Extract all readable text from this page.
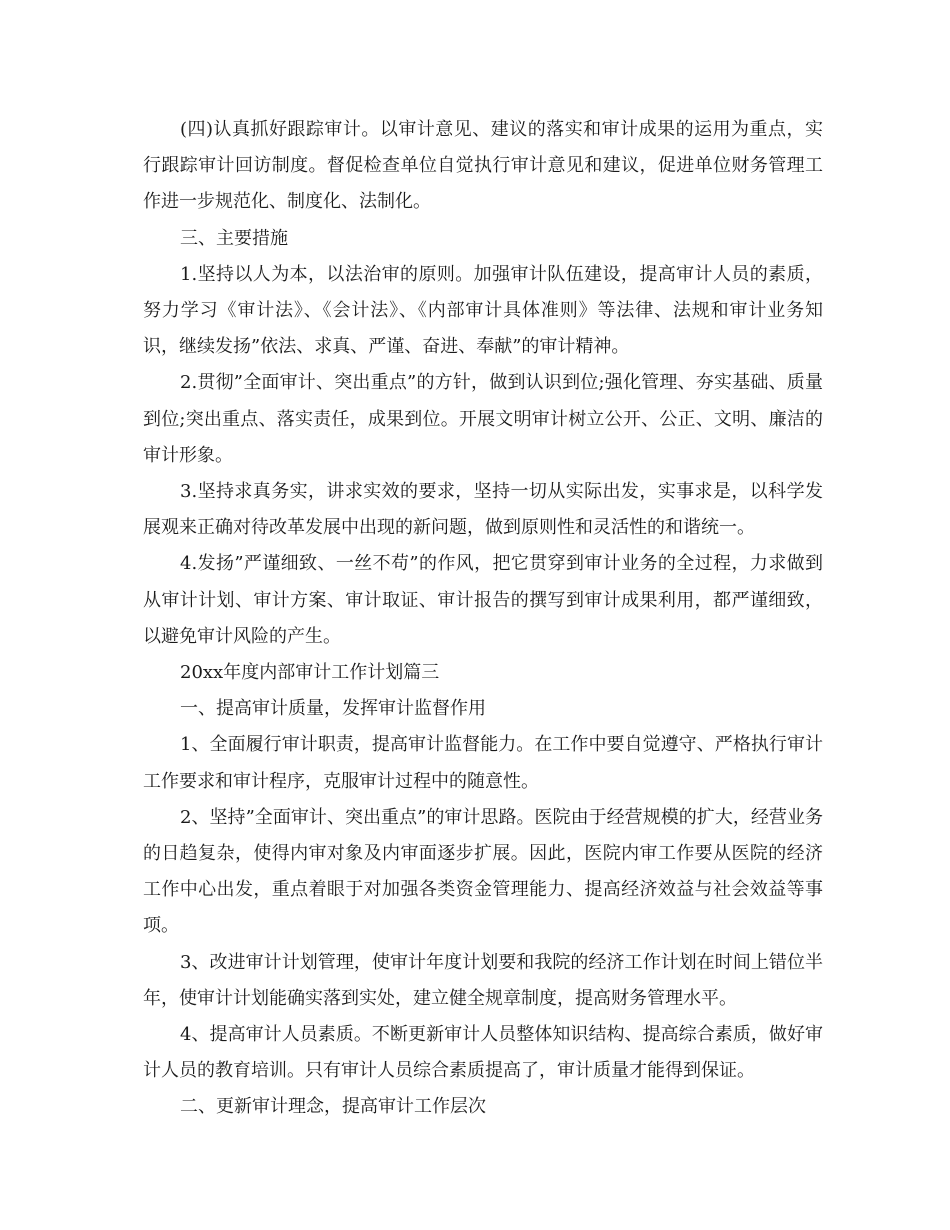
(四)认真抓好跟踪审计。以审计意见、建议的落实和审计成果的运用为重点，实行跟踪审计回访制度。督促检查单位自觉执行审计意见和建议，促进单位财务管理工作进一步规范化、制度化、法制化。

三、主要措施

1.坚持以人为本，以法治审的原则。加强审计队伍建设，提高审计人员的素质，努力学习《审计法》、《会计法》、《内部审计具体准则》等法律、法规和审计业务知识，继续发扬”依法、求真、严谨、奋进、奉献”的审计精神。

2.贯彻”全面审计、突出重点”的方针，做到认识到位;强化管理、夯实基础、质量到位;突出重点、落实责任，成果到位。开展文明审计树立公开、公正、文明、廉洁的审计形象。

3.坚持求真务实，讲求实效的要求，坚持一切从实际出发，实事求是，以科学发展观来正确对待改革发展中出现的新问题，做到原则性和灵活性的和谐统一。

4.发扬”严谨细致、一丝不苟”的作风，把它贯穿到审计业务的全过程，力求做到从审计计划、审计方案、审计取证、审计报告的撰写到审计成果利用，都严谨细致，以避免审计风险的产生。

20xx年度内部审计工作计划篇三

一、提高审计质量，发挥审计监督作用

1、全面履行审计职责，提高审计监督能力。在工作中要自觉遵守、严格执行审计工作要求和审计程序，克服审计过程中的随意性。

2、坚持”全面审计、突出重点”的审计思路。医院由于经营规模的扩大，经营业务的日趋复杂，使得内审对象及内审面逐步扩展。因此，医院内审工作要从医院的经济工作中心出发，重点着眼于对加强各类资金管理能力、提高经济效益与社会效益等事项。

3、改进审计计划管理，使审计年度计划要和我院的经济工作计划在时间上错位半年，使审计计划能确实落到实处，建立健全规章制度，提高财务管理水平。

4、提高审计人员素质。不断更新审计人员整体知识结构、提高综合素质，做好审计人员的教育培训。只有审计人员综合素质提高了，审计质量才能得到保证。

二、更新审计理念，提高审计工作层次
